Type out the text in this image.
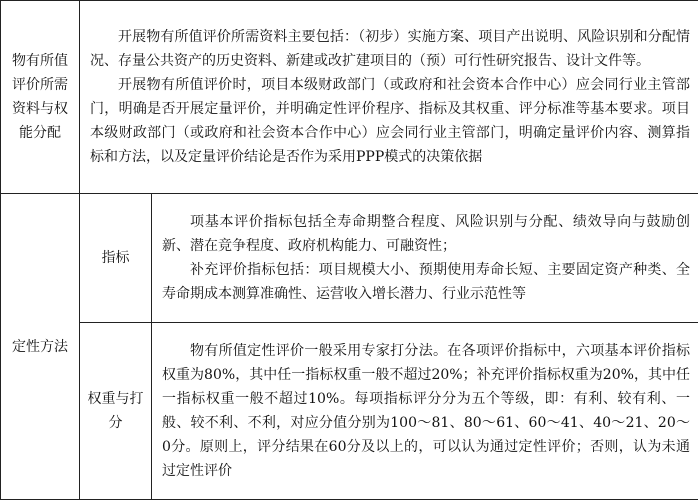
物有所值评价所需资料与权能分配	开展物有所值评价所需资料主要包括：（初步）实施方案、项目产出说明、风险识别和分配情况、存量公共资产的历史资料、新建或改扩建项目的（预）可行性研究报告、设计文件等。

开展物有所值评价时，项目本级财政部门（或政府和社会资本合作中心）应会同行业主管部门，明确是否开展定量评价，并明确定性评价程序、指标及其权重、评分标准等基本要求。项目本级财政部门（或政府和社会资本合作中心）应会同行业主管部门，明确定量评价内容、测算指标和方法，以及定量评价结论是否作为采用PPP模式的决策依据	

定性方法	指标	项基本评价指标包括全寿命期整合程度、风险识别与分配、绩效导向与鼓励创新、潜在竞争程度、政府机构能力、可融资性；

补充评价指标包括：项目规模大小、预期使用寿命长短、主要固定资产种类、全寿命期成本测算准确性、运营收入增长潜力、行业示范性等

	权重与打分	物有所值定性评价一般采用专家打分法。在各项评价指标中，六项基本评价指标权重为80%，其中任一指标权重一般不超过20%；补充评价指标权重为20%，其中任一指标权重一般不超过10%。每项指标评分分为五个等级，即：有利、较有利、一般、较不利、不利，对应分值分别为100～81、80～61、60～41、40～21、20～0分。原则上，评分结果在60分及以上的，可以认为通过定性评价；否则，认为未通过定性评价
